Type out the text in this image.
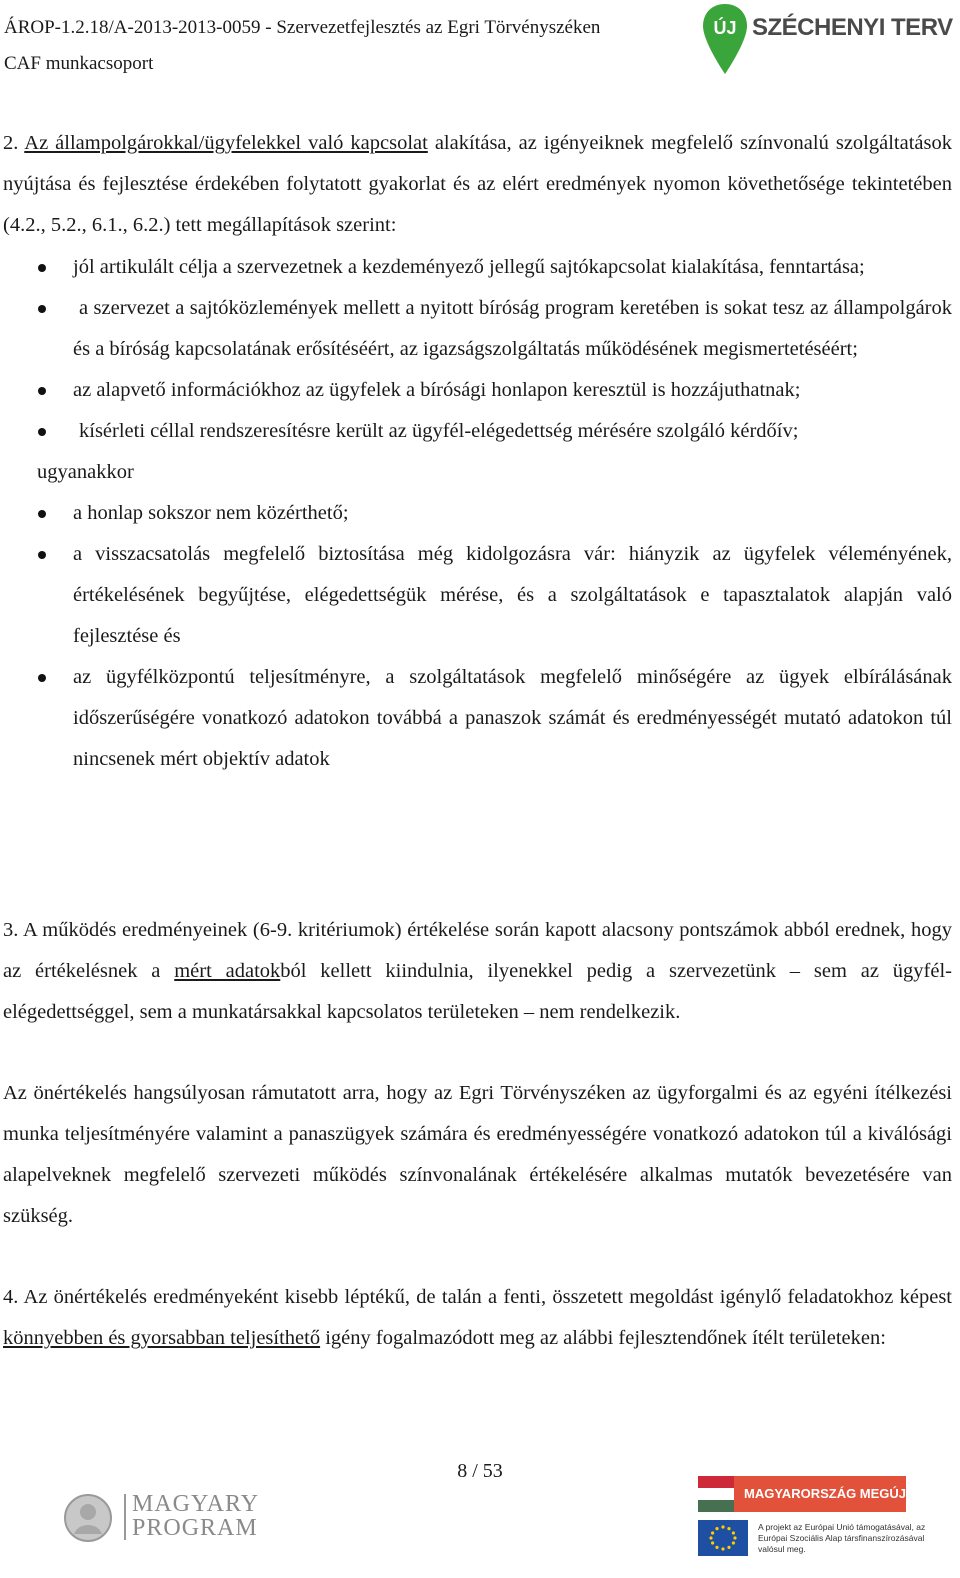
ÁROP-1.2.18/A-2013-2013-0059 - Szervezetfejlesztés az Egri Törvényszéken
CAF munkacsoport
ÚJ SZÉCHENYI TERV

2. Az állampolgárokkal/ügyfelekkel való kapcsolat alakítása, az igényeiknek megfelelő színvonalú szolgáltatások nyújtása és fejlesztése érdekében folytatott gyakorlat és az elért eredmények nyomon követhetősége tekintetében (4.2., 5.2., 6.1., 6.2.) tett megállapítások szerint:

jól artikulált célja a szervezetnek a kezdeményező jellegű sajtókapcsolat kialakítása, fenntartása;
a szervezet a sajtóközlemények mellett a nyitott bíróság program keretében is sokat tesz az állampolgárok és a bíróság kapcsolatának erősítéséért, az igazságszolgáltatás működésének megismertetéséért;
az alapvető információkhoz az ügyfelek a bírósági honlapon keresztül is hozzájuthatnak;
kísérleti céllal rendszeresítésre került az ügyfél-elégedettség mérésére szolgáló kérdőív;
ugyanakkor
a honlap sokszor nem közérthető;
a visszacsatolás megfelelő biztosítása még kidolgozásra vár: hiányzik az ügyfelek véleményének, értékelésének begyűjtése, elégedettségük mérése, és a szolgáltatások e tapasztalatok alapján való fejlesztése és
az ügyfélközpontú teljesítményre, a szolgáltatások megfelelő minőségére az ügyek elbírálásának időszerűségére vonatkozó adatokon továbbá a panaszok számát és eredményességét mutató adatokon túl nincsenek mért objektív adatok

3. A működés eredményeinek (6-9. kritériumok) értékelése során kapott alacsony pontszámok abból erednek, hogy az értékelésnek a mért adatokból kellett kiindulnia, ilyenekkel pedig a szervezetünk – sem az ügyfél-elégedettséggel, sem a munkatársakkal kapcsolatos területeken – nem rendelkezik.

Az önértékelés hangsúlyosan rámutatott arra, hogy az Egri Törvényszéken az ügyforgalmi és az egyéni ítélkezési munka teljesítményére valamint a panaszügyek számára és eredményességére vonatkozó adatokon túl a kiválósági alapelveknek megfelelő szervezeti működés színvonalának értékelésére alkalmas mutatók bevezetésére van szükség.

4. Az önértékelés eredményeként kisebb léptékű, de talán a fenti, összetett megoldást igénylő feladatokhoz képest könnyebben és gyorsabban teljesíthető igény fogalmazódott meg az alábbi fejlesztendőnek ítélt területeken:

8 / 53
MAGYARY
PROGRAM
MAGYARORSZÁG MEGÚJUL
A projekt az Európai Unió támogatásával, az Európai Szociális Alap társfinanszírozásával valósul meg.
